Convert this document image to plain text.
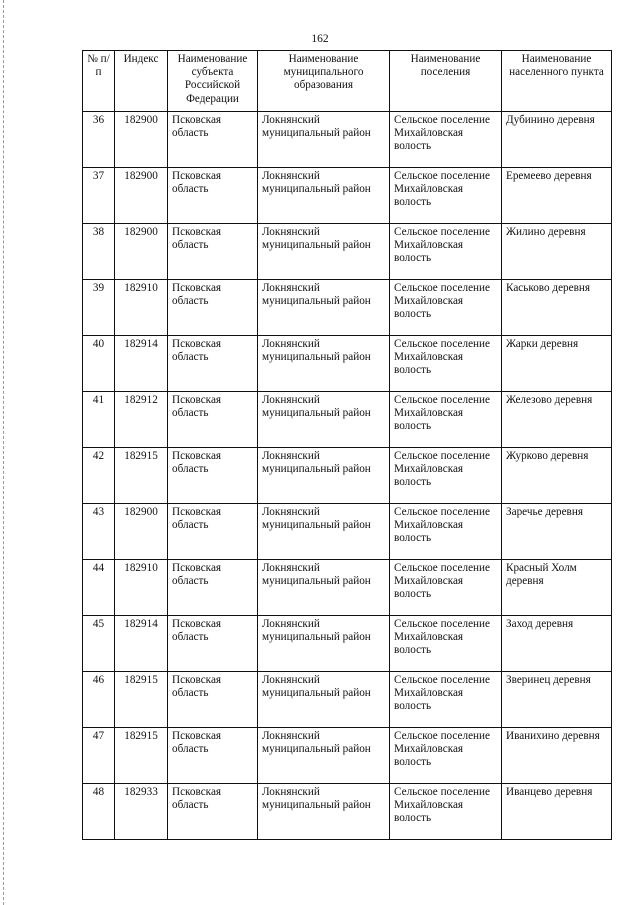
162
№ п/п	Индекс	Наименование субъекта Российской Федерации	Наименование муниципального образования	Наименование поселения	Наименование населенного пункта
36	182900	Псковская область	Локнянский муниципальный район	Сельское поселение Михайловская волость	Дубинино деревня
37	182900	Псковская область	Локнянский муниципальный район	Сельское поселение Михайловская волость	Еремеево деревня
38	182900	Псковская область	Локнянский муниципальный район	Сельское поселение Михайловская волость	Жилино деревня
39	182910	Псковская область	Локнянский муниципальный район	Сельское поселение Михайловская волость	Каськово деревня
40	182914	Псковская область	Локнянский муниципальный район	Сельское поселение Михайловская волость	Жарки деревня
41	182912	Псковская область	Локнянский муниципальный район	Сельское поселение Михайловская волость	Железово деревня
42	182915	Псковская область	Локнянский муниципальный район	Сельское поселение Михайловская волость	Журково деревня
43	182900	Псковская область	Локнянский муниципальный район	Сельское поселение Михайловская волость	Заречье деревня
44	182910	Псковская область	Локнянский муниципальный район	Сельское поселение Михайловская волость	Красный Холм деревня
45	182914	Псковская область	Локнянский муниципальный район	Сельское поселение Михайловская волость	Заход деревня
46	182915	Псковская область	Локнянский муниципальный район	Сельское поселение Михайловская волость	Зверинец деревня
47	182915	Псковская область	Локнянский муниципальный район	Сельское поселение Михайловская волость	Иванихино деревня
48	182933	Псковская область	Локнянский муниципальный район	Сельское поселение Михайловская волость	Иванцево деревня
